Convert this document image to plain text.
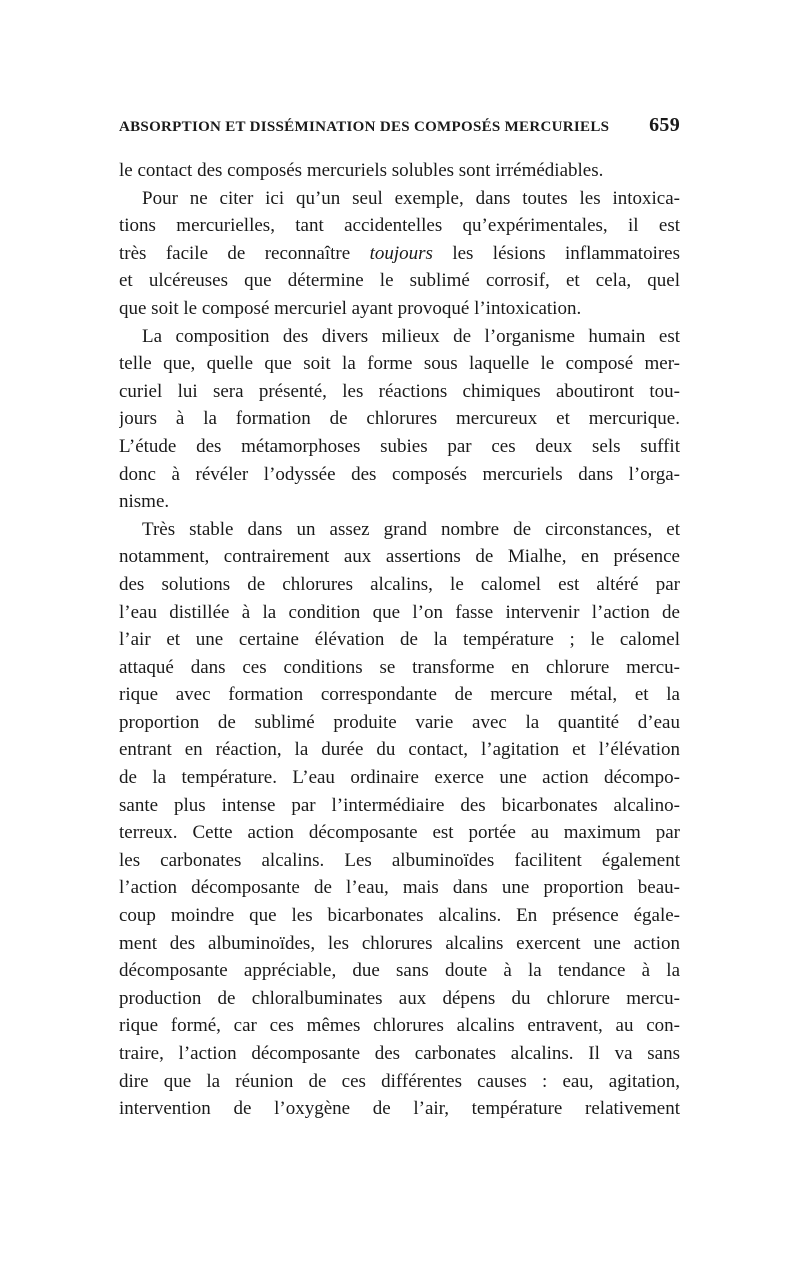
ABSORPTION ET DISSÉMINATION DES COMPOSÉS MERCURIELS 659
le contact des composés mercuriels solubles sont irrémédiables.
Pour ne citer ici qu’un seul exemple, dans toutes les intoxica-
tions mercurielles, tant accidentelles qu’expérimentales, il est
très facile de reconnaître toujours les lésions inflammatoires
et ulcéreuses que détermine le sublimé corrosif, et cela, quel
que soit le composé mercuriel ayant provoqué l’intoxication.
La composition des divers milieux de l’organisme humain est
telle que, quelle que soit la forme sous laquelle le composé mer-
curiel lui sera présenté, les réactions chimiques aboutiront tou-
jours à la formation de chlorures mercureux et mercurique.
L’étude des métamorphoses subies par ces deux sels suffit
donc à révéler l’odyssée des composés mercuriels dans l’orga-
nisme.
Très stable dans un assez grand nombre de circonstances, et
notamment, contrairement aux assertions de Mialhe, en présence
des solutions de chlorures alcalins, le calomel est altéré par
l’eau distillée à la condition que l’on fasse intervenir l’action de
l’air et une certaine élévation de la température ; le calomel
attaqué dans ces conditions se transforme en chlorure mercu-
rique avec formation correspondante de mercure métal, et la
proportion de sublimé produite varie avec la quantité d’eau
entrant en réaction, la durée du contact, l’agitation et l’élévation
de la température. L’eau ordinaire exerce une action décompo-
sante plus intense par l’intermédiaire des bicarbonates alcalino-
terreux. Cette action décomposante est portée au maximum par
les carbonates alcalins. Les albuminoïdes facilitent également
l’action décomposante de l’eau, mais dans une proportion beau-
coup moindre que les bicarbonates alcalins. En présence égale-
ment des albuminoïdes, les chlorures alcalins exercent une action
décomposante appréciable, due sans doute à la tendance à la
production de chloralbuminates aux dépens du chlorure mercu-
rique formé, car ces mêmes chlorures alcalins entravent, au con-
traire, l’action décomposante des carbonates alcalins. Il va sans
dire que la réunion de ces différentes causes : eau, agitation,
intervention de l’oxygène de l’air, température relativement
